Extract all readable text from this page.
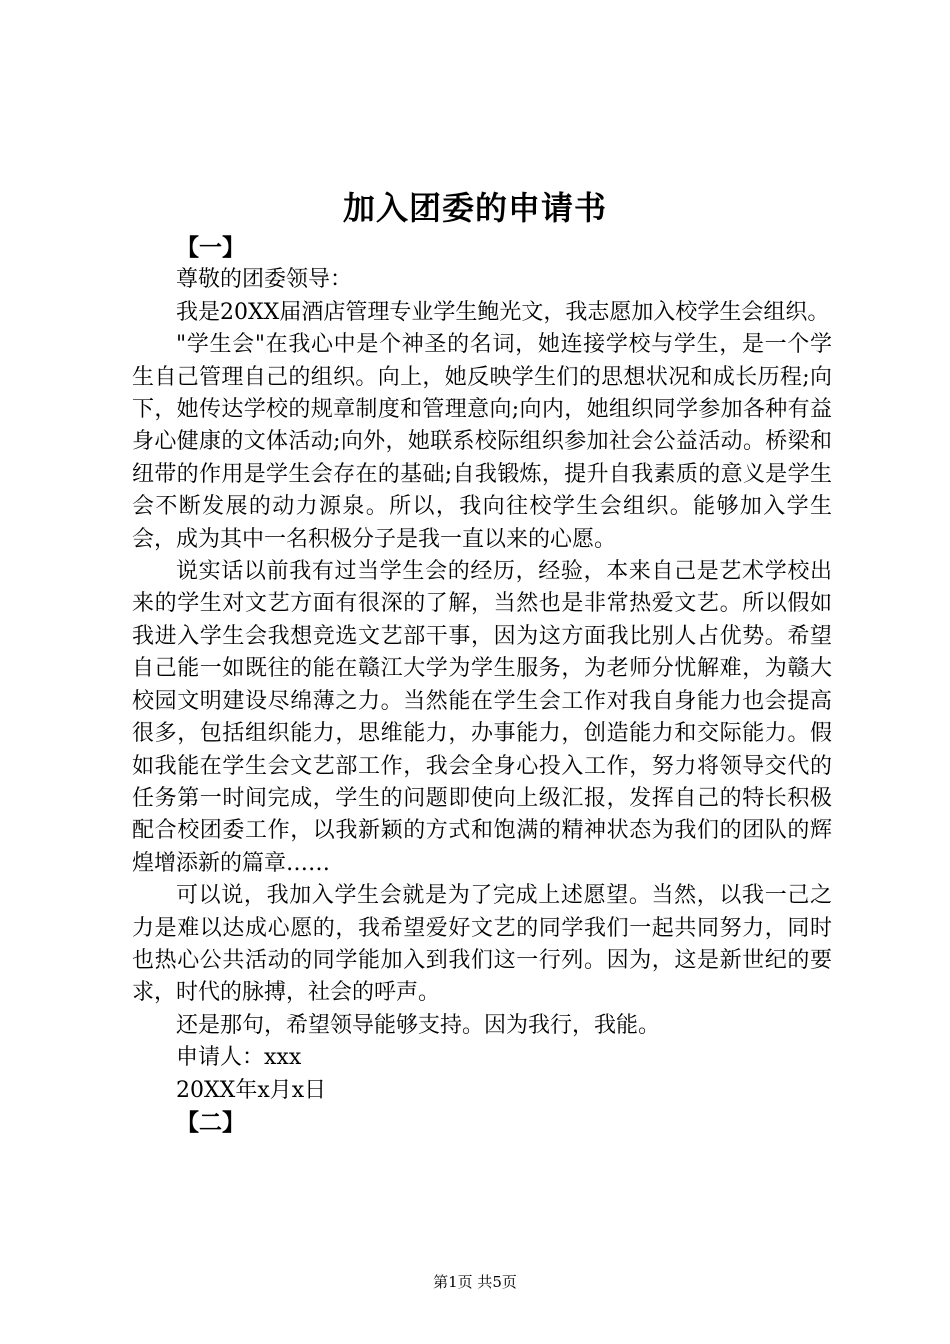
加入团委的申请书

【一】

尊敬的团委领导：

我是20XX届酒店管理专业学生鲍光文，我志愿加入校学生会组织。

"学生会"在我心中是个神圣的名词，她连接学校与学生，是一个学生自己管理自己的组织。向上，她反映学生们的思想状况和成长历程;向下，她传达学校的规章制度和管理意向;向内，她组织同学参加各种有益身心健康的文体活动;向外，她联系校际组织参加社会公益活动。桥梁和纽带的作用是学生会存在的基础;自我锻炼，提升自我素质的意义是学生会不断发展的动力源泉。所以，我向往校学生会组织。能够加入学生会，成为其中一名积极分子是我一直以来的心愿。

说实话以前我有过当学生会的经历，经验，本来自己是艺术学校出来的学生对文艺方面有很深的了解，当然也是非常热爱文艺。所以假如我进入学生会我想竞选文艺部干事，因为这方面我比别人占优势。希望自己能一如既往的能在赣江大学为学生服务，为老师分忧解难，为赣大校园文明建设尽绵薄之力。当然能在学生会工作对我自身能力也会提高很多，包括组织能力，思维能力，办事能力，创造能力和交际能力。假如我能在学生会文艺部工作，我会全身心投入工作，努力将领导交代的任务第一时间完成，学生的问题即使向上级汇报，发挥自己的特长积极配合校团委工作，以我新颖的方式和饱满的精神状态为我们的团队的辉煌增添新的篇章……

可以说，我加入学生会就是为了完成上述愿望。当然，以我一己之力是难以达成心愿的，我希望爱好文艺的同学我们一起共同努力，同时也热心公共活动的同学能加入到我们这一行列。因为，这是新世纪的要求，时代的脉搏，社会的呼声。

还是那句，希望领导能够支持。因为我行，我能。

申请人：xxx

20XX年x月x日

【二】

第1页 共5页
